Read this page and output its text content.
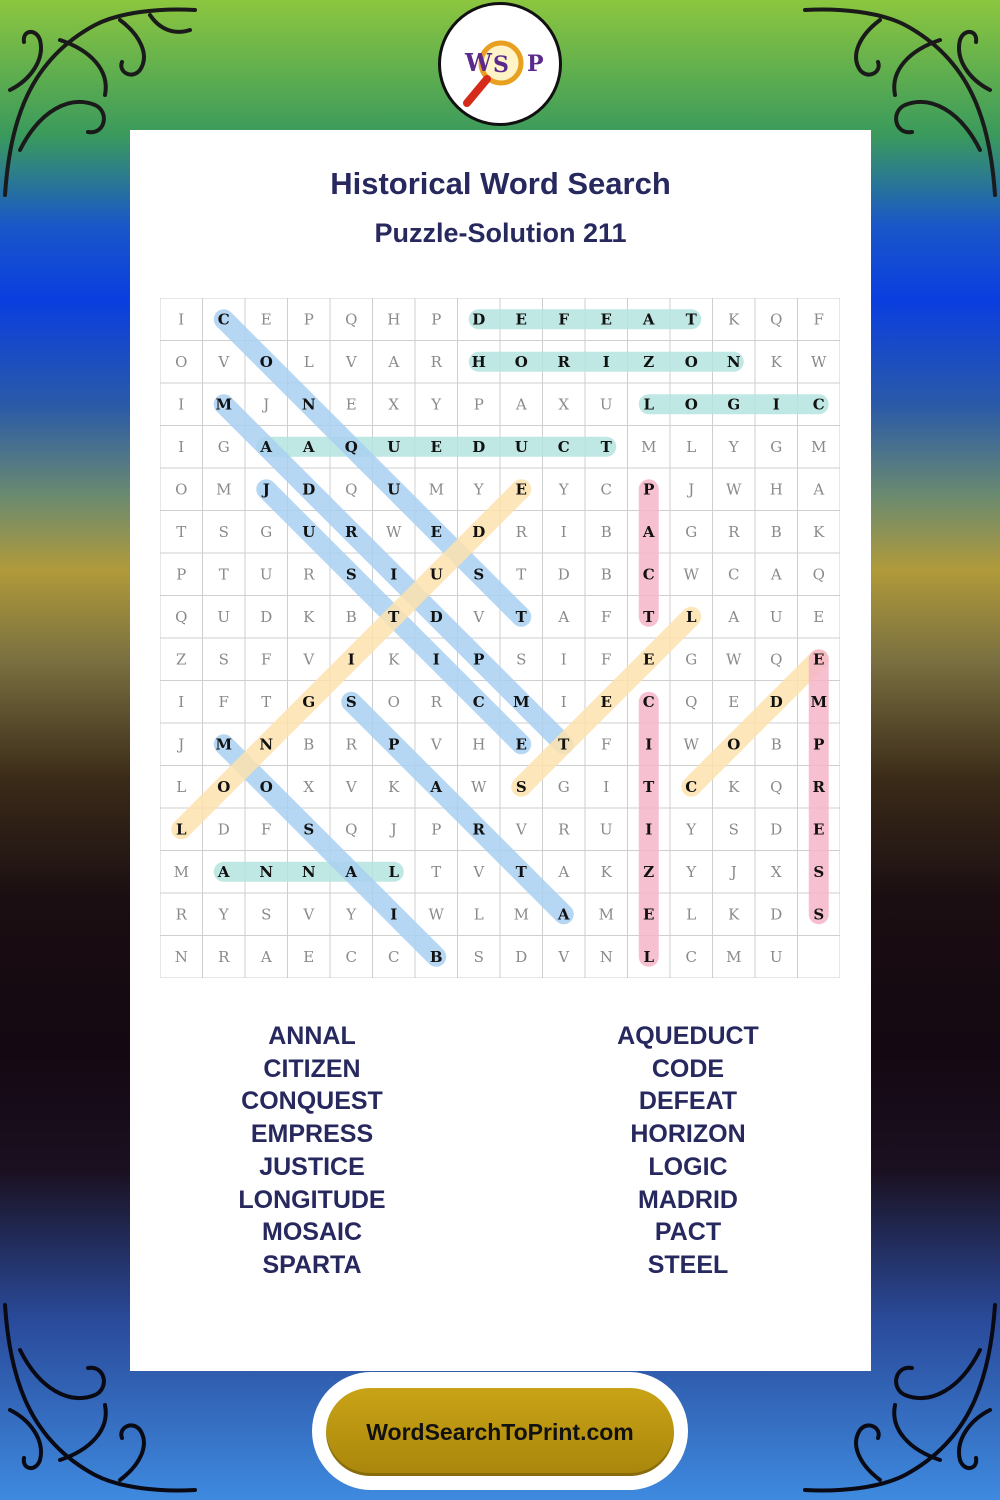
W S P
Historical Word Search
Puzzle-Solution 211
I C E P Q H P D E F E A T K Q F
O V O L V A R H O R I Z O N K W
I M J N E X Y P A X U L O G I C
I G A A Q U E D U C T M L Y G M
O M J D Q U M Y E Y C P J W H A
T S G U R W E D R I B A G R B K
P T U R S I U S T D B C W C A Q
Q U D K B T D V T A F T L A U E
Z S F V I K I P S I F E G W Q E
I F T G S O R C M I E C Q E D M
J M N B R P V H E T F I W O B P
L O O X V K A W S G I T C K Q R
L D F S Q J P R V R U I Y S D E
M A N N A L T V T A K Z Y J X S
R Y S V Y I W L M A M E L K D S
N R A E C C B S D V N L C M U
ANNAL
CITIZEN
CONQUEST
EMPRESS
JUSTICE
LONGITUDE
MOSAIC
SPARTA
AQUEDUCT
CODE
DEFEAT
HORIZON
LOGIC
MADRID
PACT
STEEL
WordSearchToPrint.com
